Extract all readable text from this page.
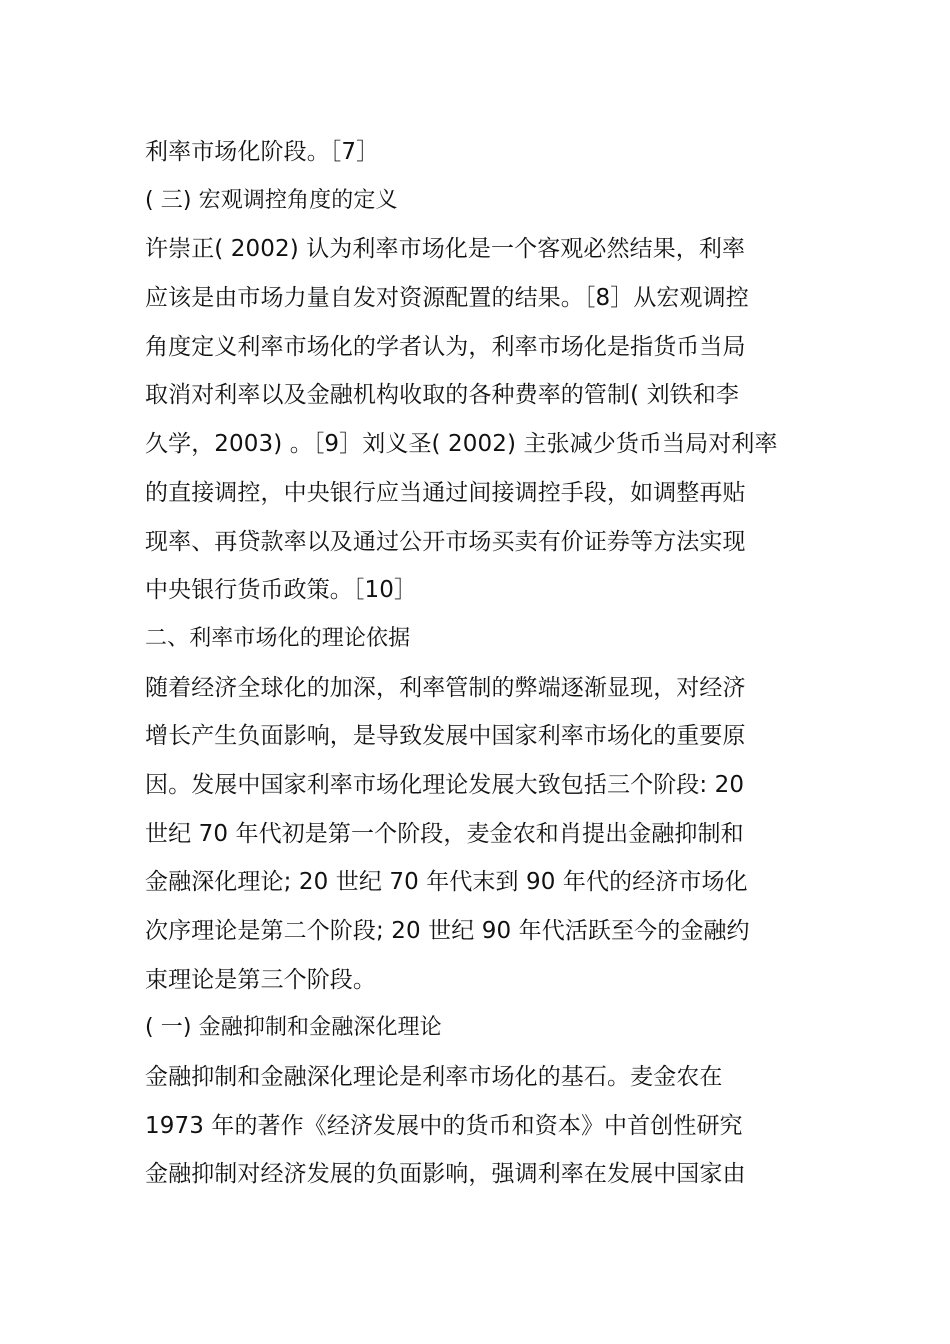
利率市场化阶段。［7］
( 三) 宏观调控角度的定义
许崇正( 2002) 认为利率市场化是一个客观必然结果，利率
应该是由市场力量自发对资源配置的结果。［8］从宏观调控
角度定义利率市场化的学者认为，利率市场化是指货币当局
取消对利率以及金融机构收取的各种费率的管制( 刘铁和李
久学，2003) 。［9］刘义圣( 2002) 主张减少货币当局对利率
的直接调控，中央银行应当通过间接调控手段，如调整再贴
现率、再贷款率以及通过公开市场买卖有价证券等方法实现
中央银行货币政策。［10］
二、利率市场化的理论依据
随着经济全球化的加深，利率管制的弊端逐渐显现，对经济
增长产生负面影响，是导致发展中国家利率市场化的重要原
因。发展中国家利率市场化理论发展大致包括三个阶段: 20
世纪 70 年代初是第一个阶段，麦金农和肖提出金融抑制和
金融深化理论; 20 世纪 70 年代末到 90 年代的经济市场化
次序理论是第二个阶段; 20 世纪 90 年代活跃至今的金融约
束理论是第三个阶段。
( 一) 金融抑制和金融深化理论
金融抑制和金融深化理论是利率市场化的基石。麦金农在
1973 年的著作《经济发展中的货币和资本》中首创性研究
金融抑制对经济发展的负面影响，强调利率在发展中国家由
